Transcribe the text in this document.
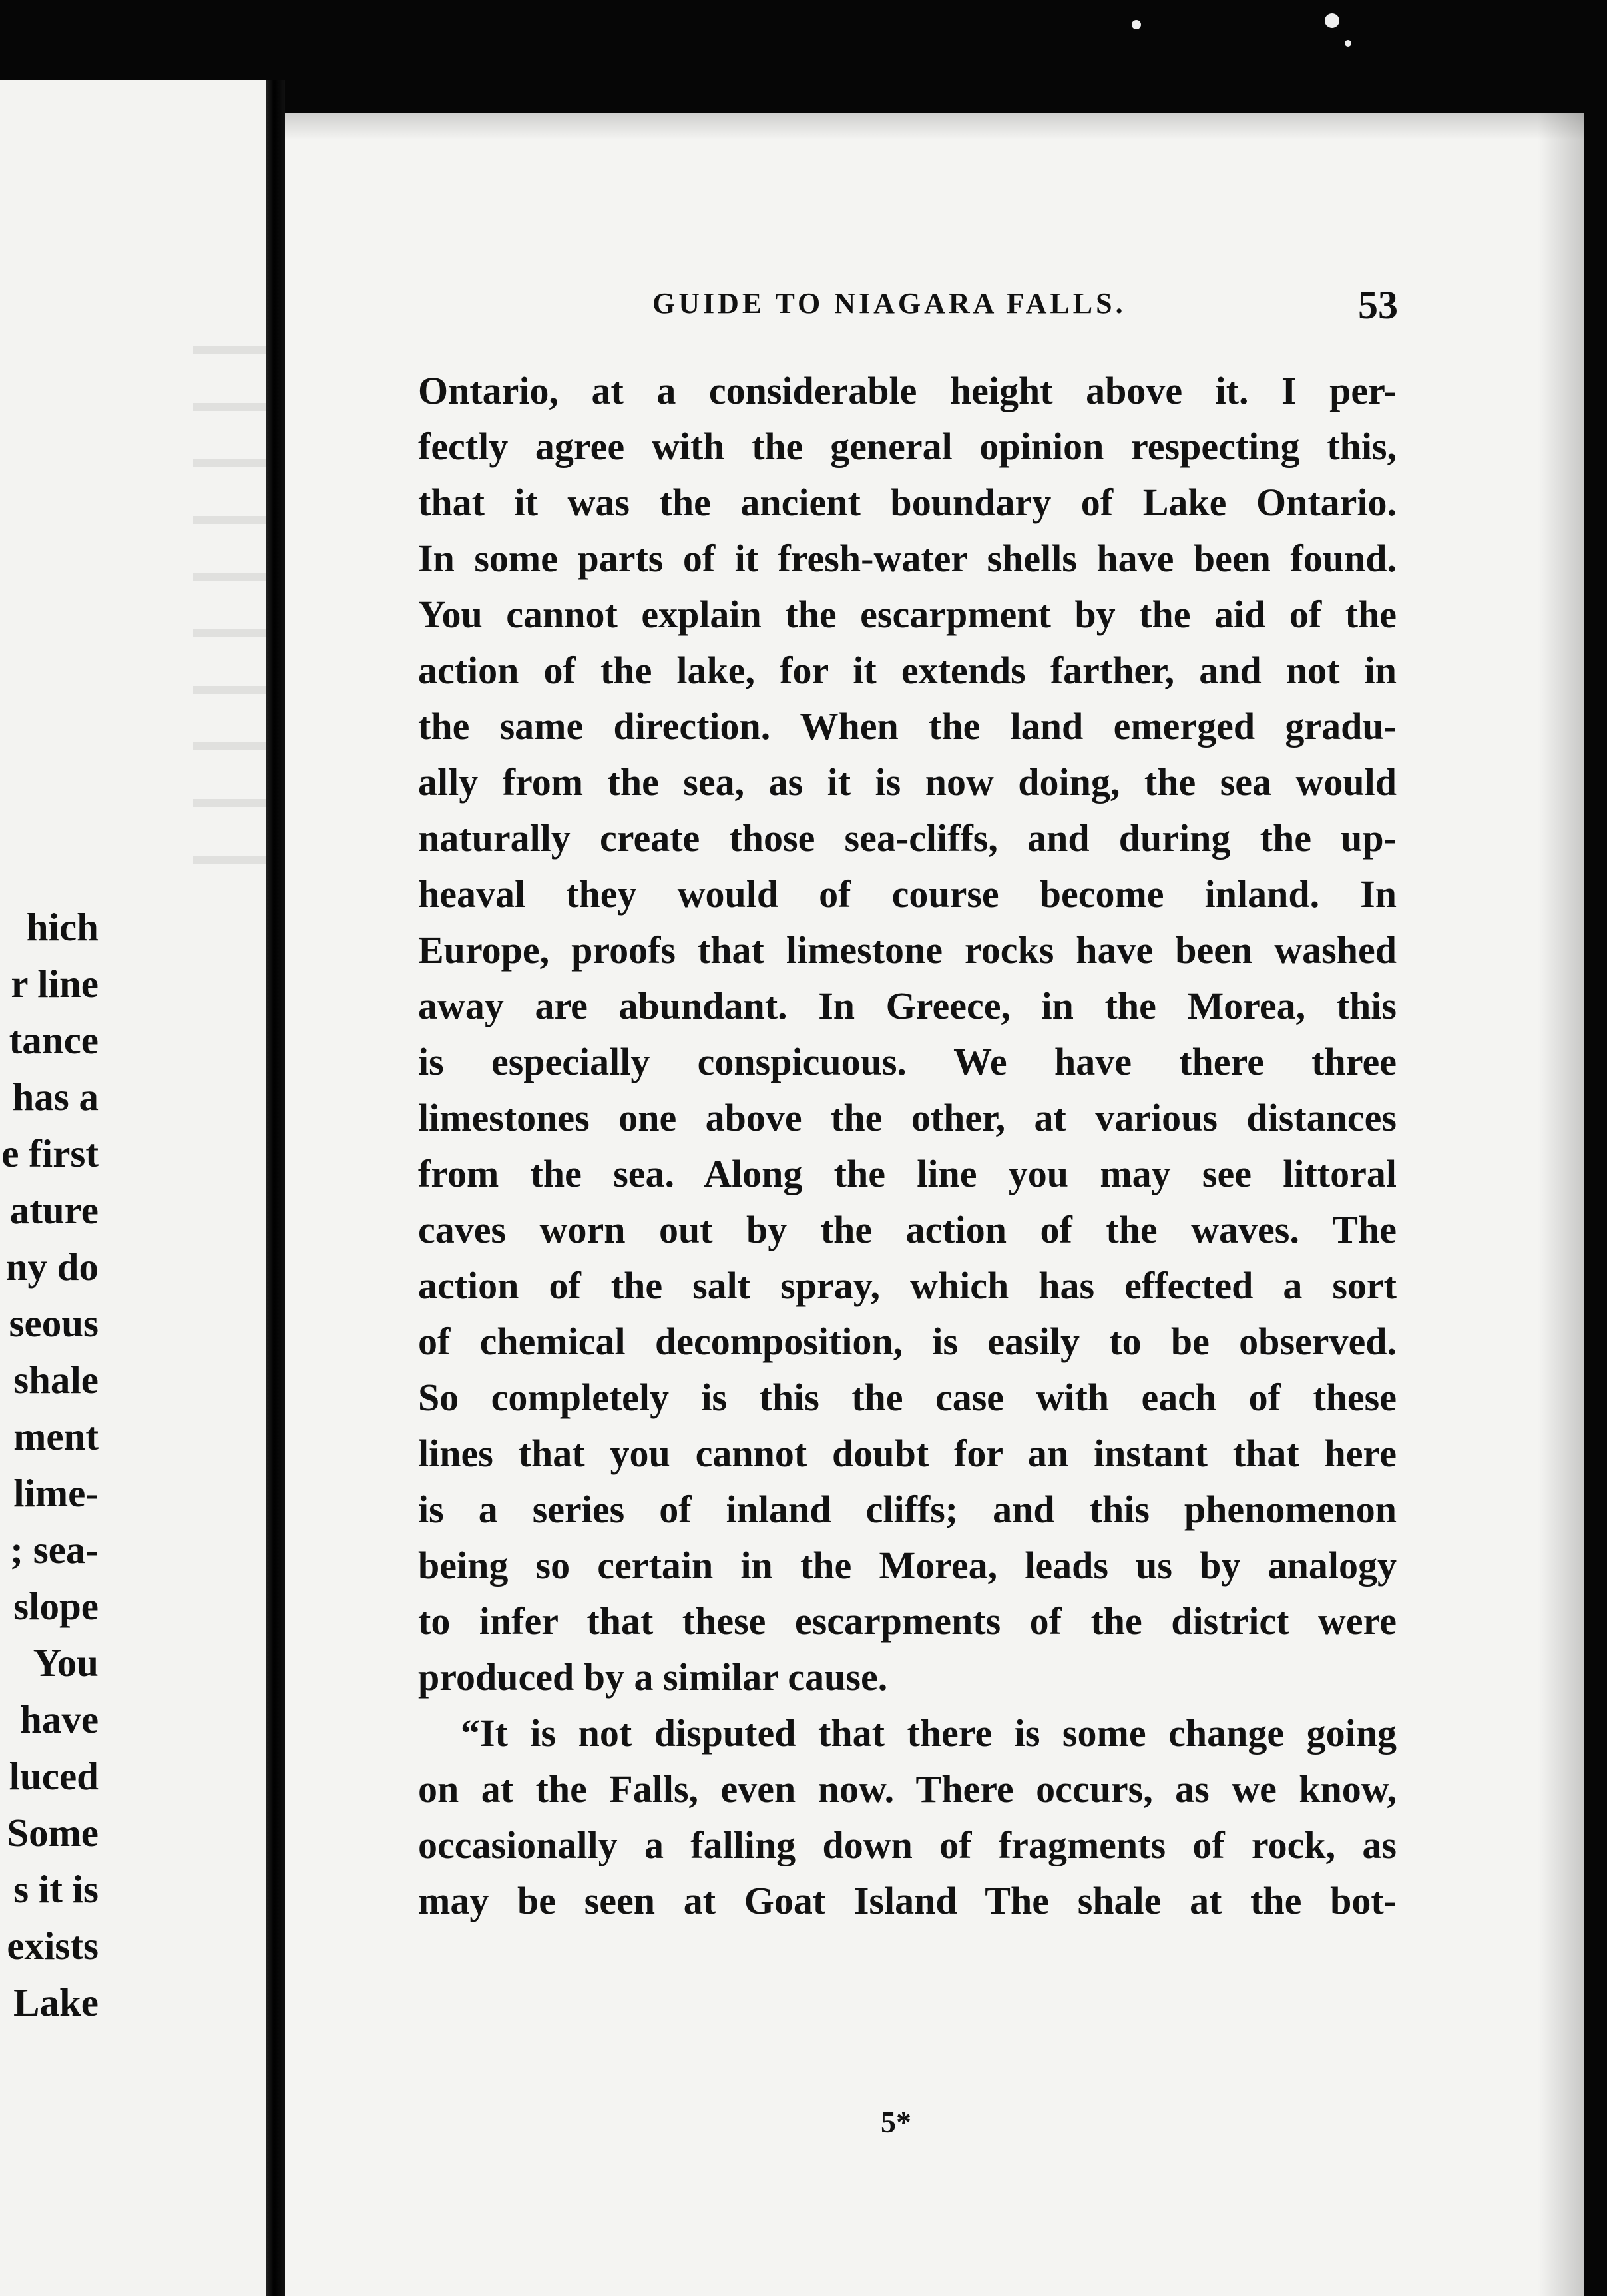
hich
r line
tance
has a
e first
ature
ny do
seous
shale
ment
lime-
; sea-
slope
You
have
luced
Some
s it is
exists
Lake
GUIDE TO NIAGARA FALLS.	53
Ontario, at a considerable height above it. I per-
fectly agree with the general opinion respecting this,
that it was the ancient boundary of Lake Ontario.
In some parts of it fresh-water shells have been found.
You cannot explain the escarpment by the aid of the
action of the lake, for it extends farther, and not in
the same direction. When the land emerged gradu-
ally from the sea, as it is now doing, the sea would
naturally create those sea-cliffs, and during the up-
heaval they would of course become inland. In
Europe, proofs that limestone rocks have been washed
away are abundant. In Greece, in the Morea, this
is especially conspicuous. We have there three
limestones one above the other, at various distances
from the sea. Along the line you may see littoral
caves worn out by the action of the waves. The
action of the salt spray, which has effected a sort
of chemical decomposition, is easily to be observed.
So completely is this the case with each of these
lines that you cannot doubt for an instant that here
is a series of inland cliffs; and this phenomenon
being so certain in the Morea, leads us by analogy
to infer that these escarpments of the district were
produced by a similar cause.
“It is not disputed that there is some change going
on at the Falls, even now. There occurs, as we know,
occasionally a falling down of fragments of rock, as
may be seen at Goat Island The shale at the bot-
5*
